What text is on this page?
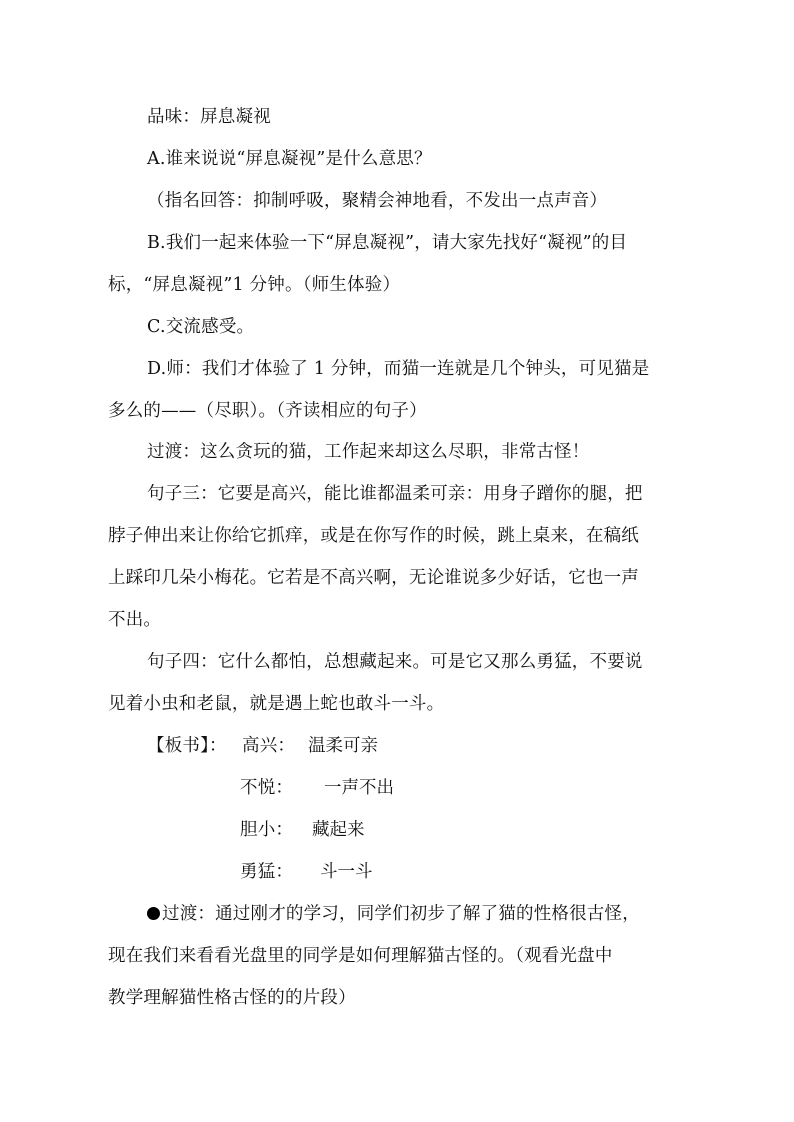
品味：屏息凝视
A.谁来说说“屏息凝视”是什么意思？
（指名回答：抑制呼吸，聚精会神地看，不发出一点声音）
B.我们一起来体验一下“屏息凝视”，请大家先找好“凝视”的目
标，“屏息凝视”1 分钟。（师生体验）
C.交流感受。
D.师：我们才体验了 1 分钟，而猫一连就是几个钟头，可见猫是
多么的——（尽职）。（齐读相应的句子）
过渡：这么贪玩的猫，工作起来却这么尽职，非常古怪！
句子三：它要是高兴，能比谁都温柔可亲：用身子蹭你的腿，把
脖子伸出来让你给它抓痒，或是在你写作的时候，跳上桌来，在稿纸
上踩印几朵小梅花。它若是不高兴啊，无论谁说多少好话，它也一声
不出。
句子四：它什么都怕，总想藏起来。可是它又那么勇猛，不要说
见着小虫和老鼠，就是遇上蛇也敢斗一斗。
【板书】： 高兴： 温柔可亲
不悦： 一声不出
胆小： 藏起来
勇猛： 斗一斗
过渡：通过刚才的学习，同学们初步了解了猫的性格很古怪，
现在我们来看看光盘里的同学是如何理解猫古怪的。（观看光盘中
教学理解猫性格古怪的的片段）
